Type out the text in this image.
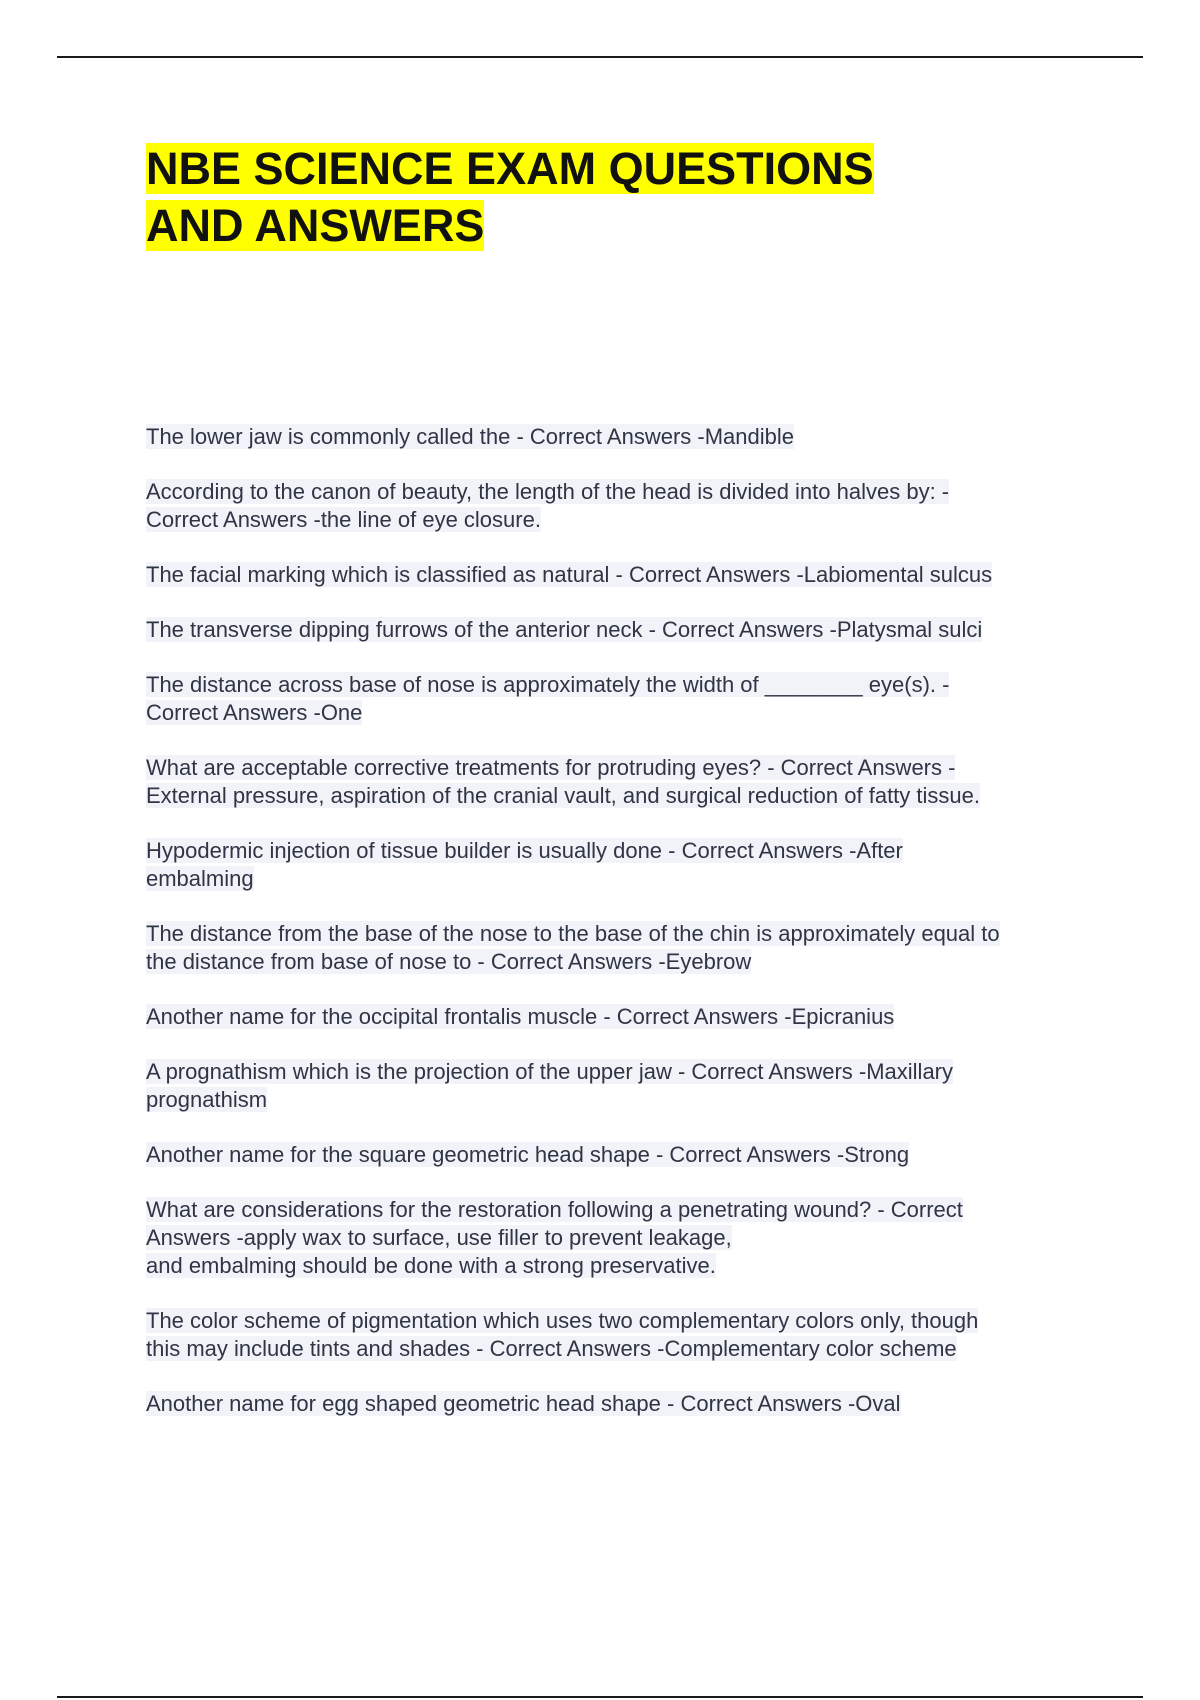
NBE SCIENCE EXAM QUESTIONS
AND ANSWERS
The lower jaw is commonly called the - Correct Answers -Mandible
According to the canon of beauty, the length of the head is divided into halves by: -
Correct Answers -the line of eye closure.
The facial marking which is classified as natural - Correct Answers -Labiomental sulcus
The transverse dipping furrows of the anterior neck - Correct Answers -Platysmal sulci
The distance across base of nose is approximately the width of ________ eye(s). -
Correct Answers -One
What are acceptable corrective treatments for protruding eyes? - Correct Answers -
External pressure, aspiration of the cranial vault, and surgical reduction of fatty tissue.
Hypodermic injection of tissue builder is usually done - Correct Answers -After
embalming
The distance from the base of the nose to the base of the chin is approximately equal to
the distance from base of nose to - Correct Answers -Eyebrow
Another name for the occipital frontalis muscle - Correct Answers -Epicranius
A prognathism which is the projection of the upper jaw - Correct Answers -Maxillary
prognathism
Another name for the square geometric head shape - Correct Answers -Strong
What are considerations for the restoration following a penetrating wound? - Correct
Answers -apply wax to surface, use filler to prevent leakage,
and embalming should be done with a strong preservative.
The color scheme of pigmentation which uses two complementary colors only, though
this may include tints and shades - Correct Answers -Complementary color scheme
Another name for egg shaped geometric head shape - Correct Answers -Oval
